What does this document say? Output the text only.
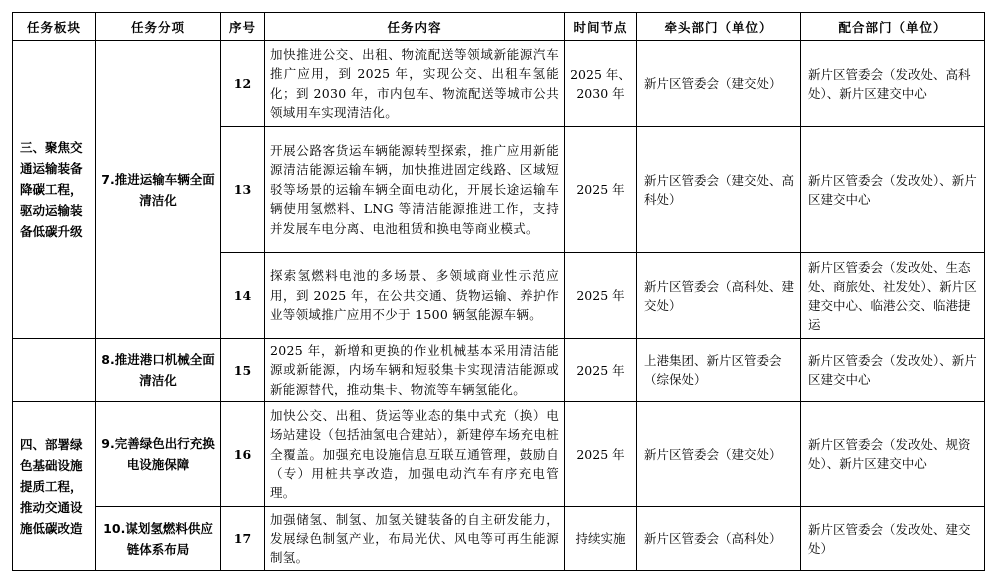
任务板块	任务分项	序号	任务内容	时间节点	牵头部门（单位）	配合部门（单位）
三、聚焦交通运输装备降碳工程，驱动运输装备低碳升级	7.推进运输车辆全面清洁化	12	加快推进公交、出租、物流配送等领域新能源汽车推广应用，到 2025 年，实现公交、出租车氢能化；到 2030 年，市内包车、物流配送等城市公共领域用车实现清洁化。	2025 年、2030 年	新片区管委会（建交处）	新片区管委会（发改处、高科处）、新片区建交中心
		13	开展公路客货运车辆能源转型探索，推广应用新能源清洁能源运输车辆，加快推进固定线路、区域短驳等场景的运输车辆全面电动化，开展长途运输车辆使用氢燃料、LNG 等清洁能源推进工作，支持并发展车电分离、电池租赁和换电等商业模式。	2025 年	新片区管委会（建交处、高科处）	新片区管委会（发改处）、新片区建交中心
		14	探索氢燃料电池的多场景、多领域商业性示范应用，到 2025 年，在公共交通、货物运输、养护作业等领域推广应用不少于 1500 辆氢能源车辆。	2025 年	新片区管委会（高科处、建交处）	新片区管委会（发改处、生态处、商旅处、社发处）、新片区建交中心、临港公交、临港捷运
	8.推进港口机械全面清洁化	15	2025 年，新增和更换的作业机械基本采用清洁能源或新能源，内场车辆和短驳集卡实现清洁能源或新能源替代，推动集卡、物流等车辆氢能化。	2025 年	上港集团、新片区管委会（综保处）	新片区管委会（发改处）、新片区建交中心
四、部署绿色基础设施提质工程，推动交通设施低碳改造	9.完善绿色出行充换电设施保障	16	加快公交、出租、货运等业态的集中式充（换）电场站建设（包括油氢电合建站），新建停车场充电桩全覆盖。加强充电设施信息互联互通管理，鼓励自（专）用桩共享改造，加强电动汽车有序充电管理。	2025 年	新片区管委会（建交处）	新片区管委会（发改处、规资处）、新片区建交中心
	10.谋划氢燃料供应链体系布局	17	加强储氢、制氢、加氢关键装备的自主研发能力，发展绿色制氢产业，布局光伏、风电等可再生能源制氢。	持续实施	新片区管委会（高科处）	新片区管委会（发改处、建交处）
